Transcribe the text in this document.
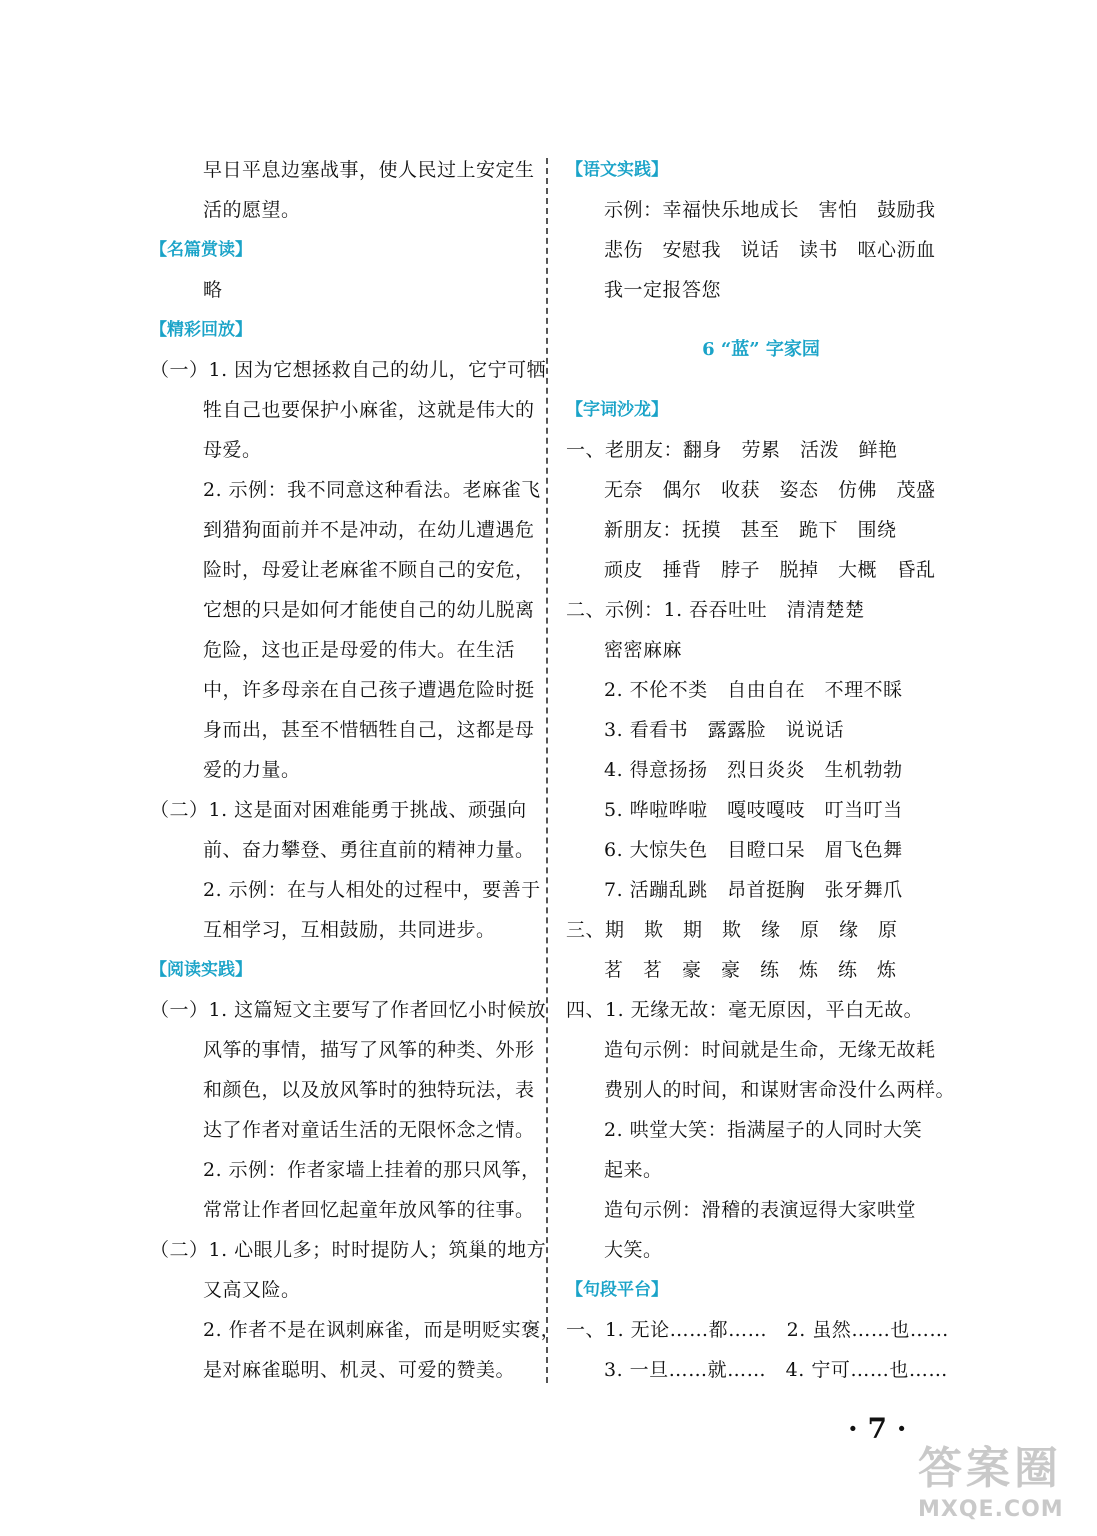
早日平息边塞战事，使人民过上安定生
活的愿望。
【名篇赏读】
略
【精彩回放】
（一）1. 因为它想拯救自己的幼儿，它宁可牺
牲自己也要保护小麻雀，这就是伟大的
母爱。
2. 示例：我不同意这种看法。老麻雀飞
到猎狗面前并不是冲动，在幼儿遭遇危
险时，母爱让老麻雀不顾自己的安危，
它想的只是如何才能使自己的幼儿脱离
危险，这也正是母爱的伟大。在生活
中，许多母亲在自己孩子遭遇危险时挺
身而出，甚至不惜牺牲自己，这都是母
爱的力量。
（二）1. 这是面对困难能勇于挑战、顽强向
前、奋力攀登、勇往直前的精神力量。
2. 示例：在与人相处的过程中，要善于
互相学习，互相鼓励，共同进步。
【阅读实践】
（一）1. 这篇短文主要写了作者回忆小时候放
风筝的事情，描写了风筝的种类、外形
和颜色，以及放风筝时的独特玩法，表
达了作者对童话生活的无限怀念之情。
2. 示例：作者家墙上挂着的那只风筝，
常常让作者回忆起童年放风筝的往事。
（二）1. 心眼儿多；时时提防人；筑巢的地方
又高又险。
2. 作者不是在讽刺麻雀，而是明贬实褒，
是对麻雀聪明、机灵、可爱的赞美。
【语文实践】
示例：幸福快乐地成长　害怕　鼓励我
悲伤　安慰我　说话　读书　呕心沥血
我一定报答您
6 “蓝” 字家园
【字词沙龙】
一、老朋友：翻身　劳累　活泼　鲜艳
无奈　偶尔　收获　姿态　仿佛　茂盛
新朋友：抚摸　甚至　跪下　围绕
顽皮　捶背　脖子　脱掉　大概　昏乱
二、示例：1. 吞吞吐吐　清清楚楚
密密麻麻
2. 不伦不类　自由自在　不理不睬
3. 看看书　露露脸　说说话
4. 得意扬扬　烈日炎炎　生机勃勃
5. 哗啦哗啦　嘎吱嘎吱　叮当叮当
6. 大惊失色　目瞪口呆　眉飞色舞
7. 活蹦乱跳　昂首挺胸　张牙舞爪
三、期　欺　期　欺　缘　原　缘　原
茗　茗　豪　豪　练　炼　练　炼
四、1. 无缘无故：毫无原因，平白无故。
造句示例：时间就是生命，无缘无故耗
费别人的时间，和谋财害命没什么两样。
2. 哄堂大笑：指满屋子的人同时大笑
起来。
造句示例：滑稽的表演逗得大家哄堂
大笑。
【句段平台】
一、1. 无论……都……　2. 虽然……也……
3. 一旦……就……　4. 宁可……也……
· 7 ·
答案圈
MXQE.COM
